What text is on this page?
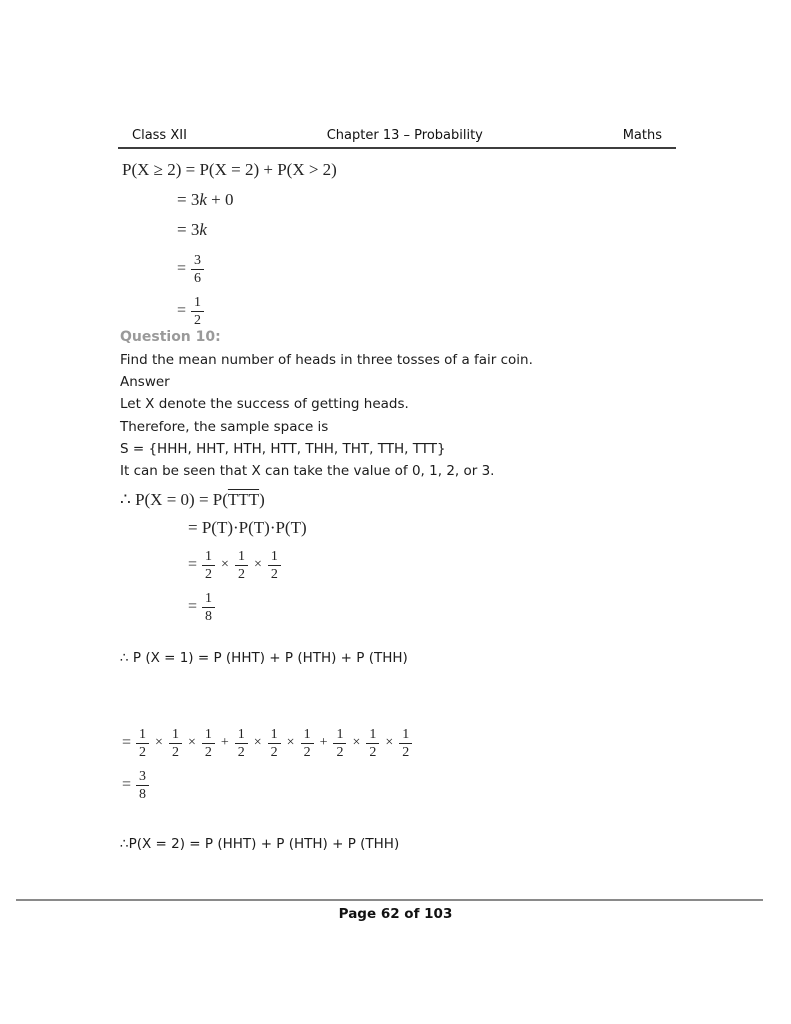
Class XII	Chapter 13 – Probability	Maths
P(X ≥ 2) = P(X = 2) + P(X > 2)
= 3k + 0
= 3k
= $\frac{3}{6}$
= $\frac{1}{2}$
Question 10:

Find the mean number of heads in three tosses of a fair coin.

Answer

Let X denote the success of getting heads.

Therefore, the sample space is

S = {HHH, HHT, HTH, HTT, THH, THT, TTH, TTT}

It can be seen that X can take the value of 0, 1, 2, or 3.

∴ $P(X = 0) = P(\overline{TTT})$
= P(T)·P(T)·P(T)
= $\frac{1}{2} \times \frac{1}{2} \times \frac{1}{2}$
= $\frac{1}{8}$
∴ P (X = 1) = P (HHT) + P (HTH) + P (THH)
= $\frac{1}{2} \times \frac{1}{2} \times \frac{1}{2} + \frac{1}{2} \times \frac{1}{2} \times \frac{1}{2} + \frac{1}{2} \times \frac{1}{2} \times \frac{1}{2}$
= $\frac{3}{8}$
∴P(X = 2) = P (HHT) + P (HTH) + P (THH)
Page 62 of 103
